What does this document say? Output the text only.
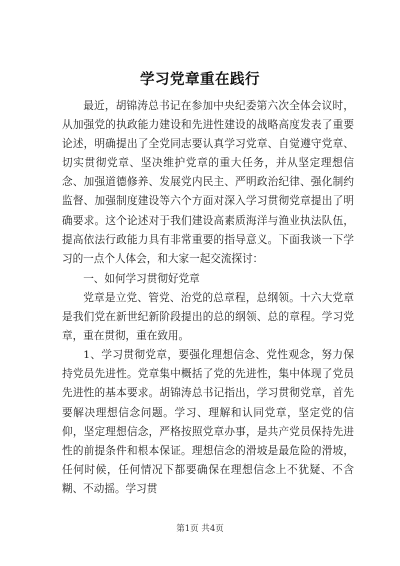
学习党章重在践行

最近，胡锦涛总书记在参加中央纪委第六次全体会议时，从加强党的执政能力建设和先进性建设的战略高度发表了重要论述，明确提出了全党同志要认真学习党章、自觉遵守党章、切实贯彻党章、坚决维护党章的重大任务，并从坚定理想信念、加强道德修养、发展党内民主、严明政治纪律、强化制约监督、加强制度建设等六个方面对深入学习贯彻党章提出了明确要求。这个论述对于我们建设高素质海洋与渔业执法队伍，提高依法行政能力具有非常重要的指导意义。下面我谈一下学习的一点个人体会，和大家一起交流探讨：

一、如何学习贯彻好党章

党章是立党、管党、治党的总章程，总纲领。十六大党章是我们党在新世纪新阶段提出的总的纲领、总的章程。学习党章，重在贯彻，重在致用。

1、学习贯彻党章，要强化理想信念、党性观念，努力保持党员先进性。党章集中概括了党的先进性，集中体现了党员先进性的基本要求。胡锦涛总书记指出，学习贯彻党章，首先要解决理想信念问题。学习、理解和认同党章，坚定党的信仰，坚定理想信念，严格按照党章办事，是共产党员保持先进性的前提条件和根本保证。理想信念的滑坡是最危险的滑坡，任何时候，任何情况下都要确保在理想信念上不犹疑、不含糊、不动摇。学习贯

第1页 共4页
